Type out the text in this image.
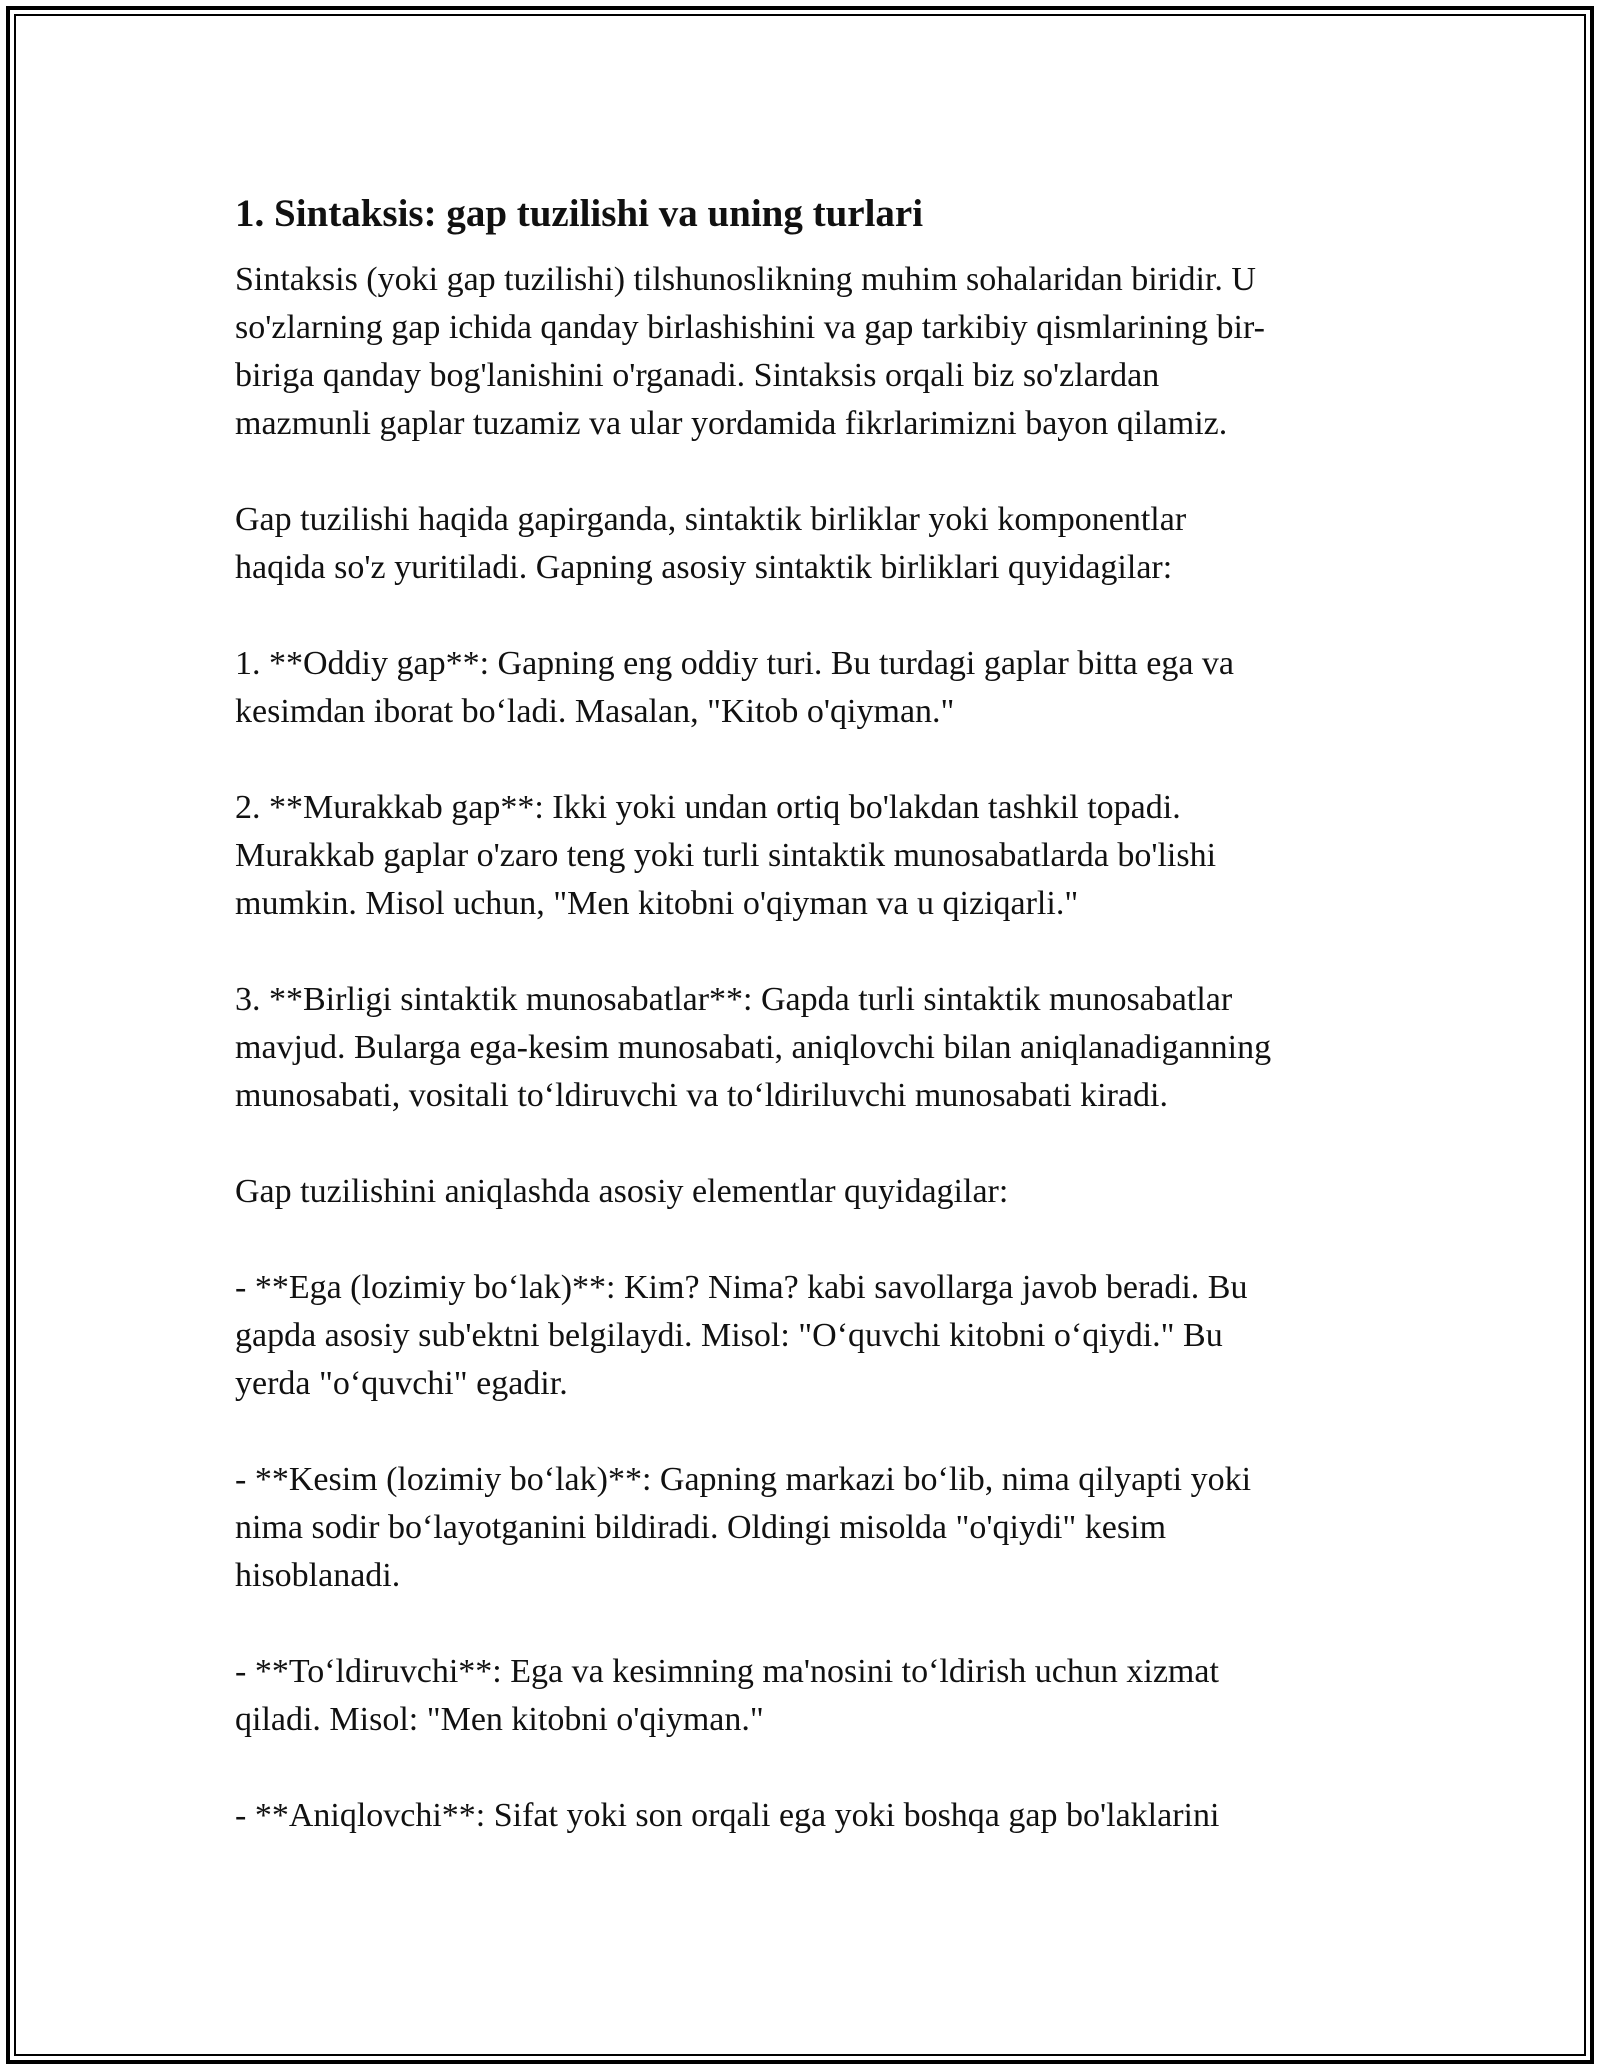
1. Sintaksis: gap tuzilishi va uning turlari

Sintaksis (yoki gap tuzilishi) tilshunoslikning muhim sohalaridan biridir. U
so'zlarning gap ichida qanday birlashishini va gap tarkibiy qismlarining bir-
biriga qanday bog'lanishini o'rganadi. Sintaksis orqali biz so'zlardan
mazmunli gaplar tuzamiz va ular yordamida fikrlarimizni bayon qilamiz.

Gap tuzilishi haqida gapirganda, sintaktik birliklar yoki komponentlar
haqida so'z yuritiladi. Gapning asosiy sintaktik birliklari quyidagilar:

1. **Oddiy gap**: Gapning eng oddiy turi. Bu turdagi gaplar bitta ega va
kesimdan iborat bo‘ladi. Masalan, "Kitob o'qiyman."

2. **Murakkab gap**: Ikki yoki undan ortiq bo'lakdan tashkil topadi.
Murakkab gaplar o'zaro teng yoki turli sintaktik munosabatlarda bo'lishi
mumkin. Misol uchun, "Men kitobni o'qiyman va u qiziqarli."

3. **Birligi sintaktik munosabatlar**: Gapda turli sintaktik munosabatlar
mavjud. Bularga ega-kesim munosabati, aniqlovchi bilan aniqlanadiganning
munosabati, vositali to‘ldiruvchi va to‘ldiriluvchi munosabati kiradi.

Gap tuzilishini aniqlashda asosiy elementlar quyidagilar:

- **Ega (lozimiy bo‘lak)**: Kim? Nima? kabi savollarga javob beradi. Bu
gapda asosiy sub'ektni belgilaydi. Misol: "O‘quvchi kitobni o‘qiydi." Bu
yerda "o‘quvchi" egadir.

- **Kesim (lozimiy bo‘lak)**: Gapning markazi bo‘lib, nima qilyapti yoki
nima sodir bo‘layotganini bildiradi. Oldingi misolda "o'qiydi" kesim
hisoblanadi.

- **To‘ldiruvchi**: Ega va kesimning ma'nosini to‘ldirish uchun xizmat
qiladi. Misol: "Men kitobni o'qiyman."

- **Aniqlovchi**: Sifat yoki son orqali ega yoki boshqa gap bo'laklarini
